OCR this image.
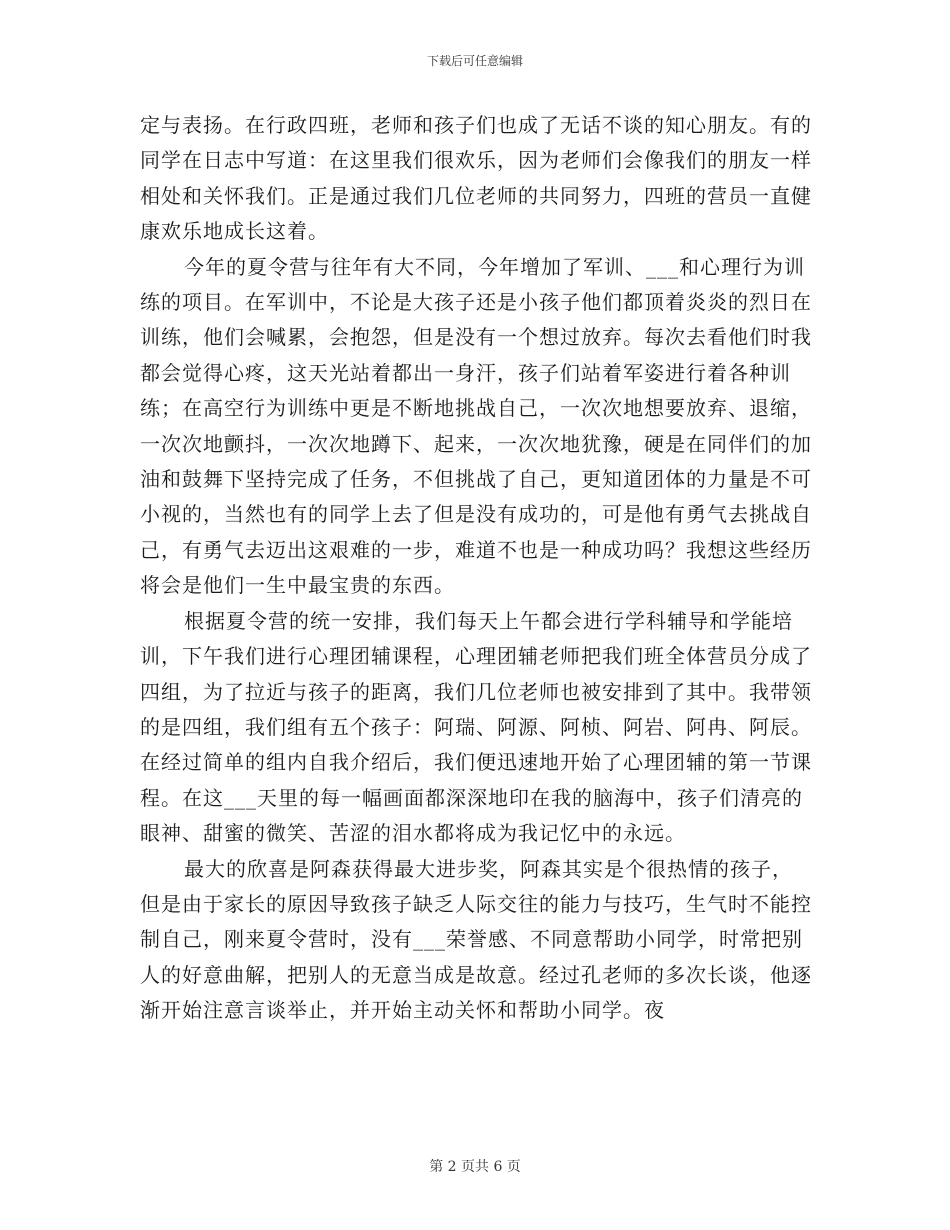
下载后可任意编辑

定与表扬。在行政四班，老师和孩子们也成了无话不谈的知心朋友。有的同学在日志中写道：在这里我们很欢乐，因为老师们会像我们的朋友一样相处和关怀我们。正是通过我们几位老师的共同努力，四班的营员一直健康欢乐地成长这着。

今年的夏令营与往年有大不同，今年增加了军训、___和心理行为训练的项目。在军训中，不论是大孩子还是小孩子他们都顶着炎炎的烈日在训练，他们会喊累，会抱怨，但是没有一个想过放弃。每次去看他们时我都会觉得心疼，这天光站着都出一身汗，孩子们站着军姿进行着各种训练；在高空行为训练中更是不断地挑战自己，一次次地想要放弃、退缩，一次次地颤抖，一次次地蹲下、起来，一次次地犹豫，硬是在同伴们的加油和鼓舞下坚持完成了任务，不但挑战了自己，更知道团体的力量是不可小视的，当然也有的同学上去了但是没有成功的，可是他有勇气去挑战自己，有勇气去迈出这艰难的一步，难道不也是一种成功吗？我想这些经历将会是他们一生中最宝贵的东西。

根据夏令营的统一安排，我们每天上午都会进行学科辅导和学能培训，下午我们进行心理团辅课程，心理团辅老师把我们班全体营员分成了四组，为了拉近与孩子的距离，我们几位老师也被安排到了其中。我带领的是四组，我们组有五个孩子：阿瑞、阿源、阿桢、阿岩、阿冉、阿辰。在经过简单的组内自我介绍后，我们便迅速地开始了心理团辅的第一节课程。在这___天里的每一幅画面都深深地印在我的脑海中，孩子们清亮的眼神、甜蜜的微笑、苦涩的泪水都将成为我记忆中的永远。

最大的欣喜是阿森获得最大进步奖，阿森其实是个很热情的孩子，但是由于家长的原因导致孩子缺乏人际交往的能力与技巧，生气时不能控制自己，刚来夏令营时，没有___荣誉感、不同意帮助小同学，时常把别人的好意曲解，把别人的无意当成是故意。经过孔老师的多次长谈，他逐渐开始注意言谈举止，并开始主动关怀和帮助小同学。夜

第 2 页共 6 页
